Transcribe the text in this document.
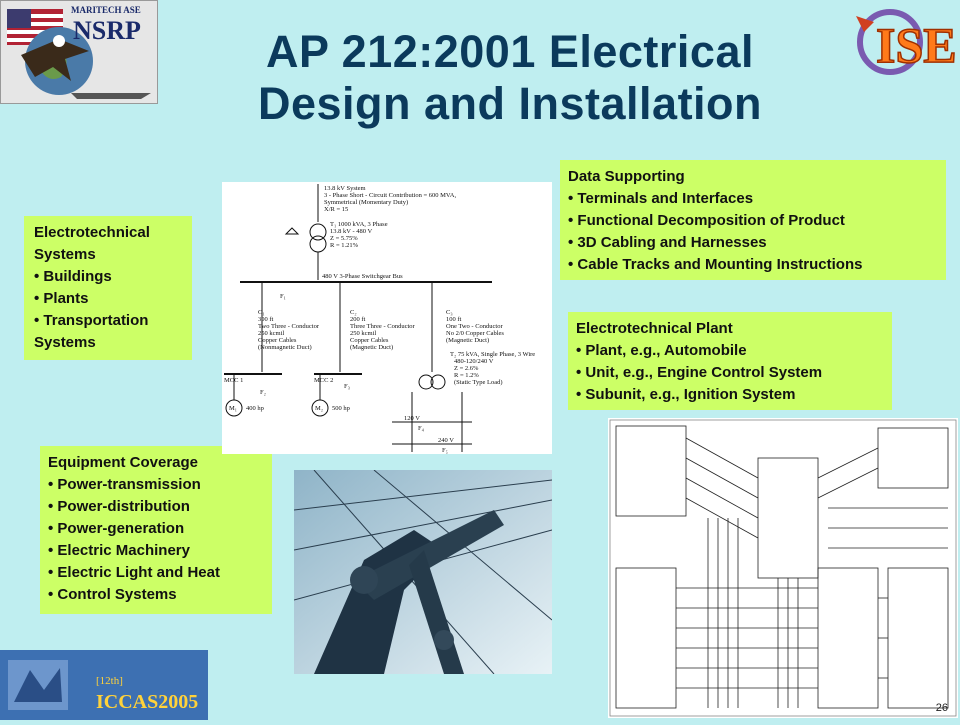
AP 212:2001 Electrical
Design and Installation
MARITECH ASE
NSRP	ISE
Electrotechnical Systems
• Buildings
• Plants
• Transportation
Systems
Data Supporting
• Terminals and Interfaces
• Functional Decomposition of Product
• 3D Cabling and Harnesses
• Cable Tracks and Mounting Instructions
Electrotechnical Plant
• Plant, e.g., Automobile
• Unit, e.g., Engine Control System
• Subunit, e.g., Ignition System
Equipment Coverage
• Power-transmission
• Power-distribution
• Power-generation
• Electric Machinery
• Electric Light and Heat
• Control Systems
13.8 kV System
3 - Phase Short - Circuit Contribution = 600 MVA,
Symmetrical (Momentary Duty)
X/R = 15
T₁ 1000 kVA, 3 Phase
13.8 kV - 480 V
Z = 5.75%
R = 1.21%
480 V 3-Phase Switchgear Bus
F₁
C₁
300 ft
Two Three - Conductor
250 kcmil
Copper Cables
(Nonmagnetic Duct)
C₂
200 ft
Three Three - Conductor
250 kcmil
Copper Cables
(Magnetic Duct)
C₃
100 ft
One Two - Conductor
No 2/0 Copper Cables
(Magnetic Duct)
T₂ 75 kVA, Single Phase, 3 Wire
480-120/240 V
Z = 2.6%
R = 1.2%
(Static Type Load)
MCC 1	MCC 2
F₂
F₃
M₁	M₂
400 hp	500 hp
120 V
240 V
F₄
F₅
[12th]
ICCAS2005	26
